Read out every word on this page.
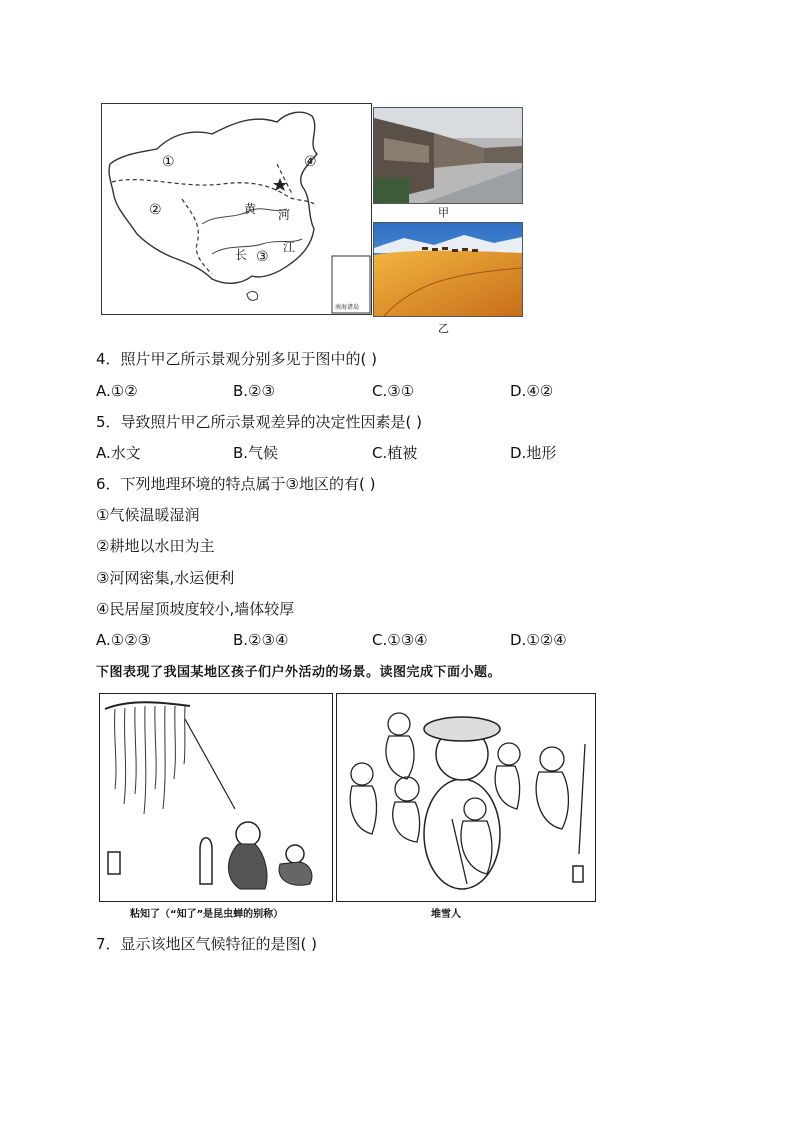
①
②
③
④
黄 河
长
江
南海诸岛
甲
乙
4．照片甲乙所示景观分别多见于图中的( )
A.①②	B.②③	C.③①	D.④②
5．导致照片甲乙所示景观差异的决定性因素是( )
A.水文	B.气候	C.植被	D.地形
6．下列地理环境的特点属于③地区的有( )
①气候温暖湿润
②耕地以水田为主
③河网密集,水运便利
④民居屋顶坡度较小,墙体较厚
A.①②③	B.②③④	C.①③④	D.①②④
下图表现了我国某地区孩子们户外活动的场景。读图完成下面小题。
粘知了（“知了”是昆虫蝉的别称）	堆雪人
7．显示该地区气候特征的是图( )
